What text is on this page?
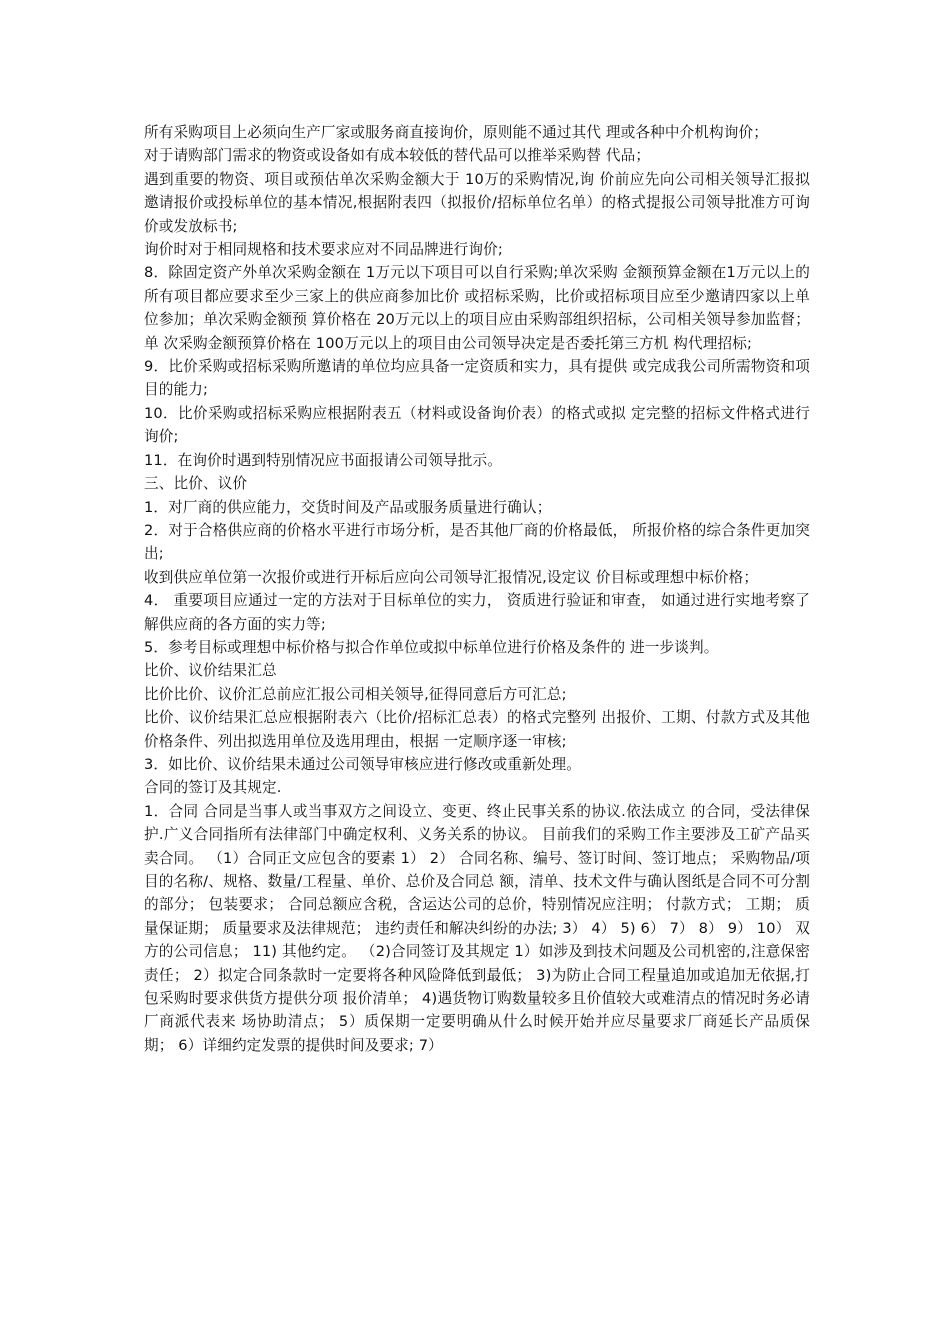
所有采购项目上必须向生产厂家或服务商直接询价，原则能不通过其代 理或各种中介机构询价；

对于请购部门需求的物资或设备如有成本较低的替代品可以推举采购替 代品；

遇到重要的物资、项目或预估单次采购金额大于 10万的采购情况,询 价前应先向公司相关领导汇报拟邀请报价或投标单位的基本情况,根据附表四（拟报价/招标单位名单）的格式提报公司领导批准方可询价或发放标书;

询价时对于相同规格和技术要求应对不同品牌进行询价;

8．除固定资产外单次采购金额在 1万元以下项目可以自行采购;单次采购 金额预算金额在1万元以上的所有项目都应要求至少三家上的供应商参加比价 或招标采购，比价或招标项目应至少邀请四家以上单位参加；单次采购金额预 算价格在 20万元以上的项目应由采购部组织招标，公司相关领导参加监督；单 次采购金额预算价格在 100万元以上的项目由公司领导决定是否委托第三方机 构代理招标;

9．比价采购或招标采购所邀请的单位均应具备一定资质和实力，具有提供 或完成我公司所需物资和项目的能力;

10．比价采购或招标采购应根据附表五（材料或设备询价表）的格式或拟 定完整的招标文件格式进行询价;

11．在询价时遇到特别情况应书面报请公司领导批示。

三、比价、议价

1．对厂商的供应能力，交货时间及产品或服务质量进行确认；

2．对于合格供应商的价格水平进行市场分析，是否其他厂商的价格最低， 所报价格的综合条件更加突出;

收到供应单位第一次报价或进行开标后应向公司领导汇报情况,设定议 价目标或理想中标价格；

4． 重要项目应通过一定的方法对于目标单位的实力， 资质进行验证和审查， 如通过进行实地考察了解供应商的各方面的实力等;

5．参考目标或理想中标价格与拟合作单位或拟中标单位进行价格及条件的 进一步谈判。

比价、议价结果汇总

比价比价、议价汇总前应汇报公司相关领导,征得同意后方可汇总;

比价、议价结果汇总应根据附表六（比价/招标汇总表）的格式完整列 出报价、工期、付款方式及其他价格条件、列出拟选用单位及选用理由，根据 一定顺序逐一审核;

3．如比价、议价结果未通过公司领导审核应进行修改或重新处理。

合同的签订及其规定.

1．合同 合同是当事人或当事双方之间设立、变更、终止民事关系的协议.依法成立 的合同，受法律保护.广义合同指所有法律部门中确定权利、义务关系的协议。 目前我们的采购工作主要涉及工矿产品买卖合同。 （1）合同正文应包含的要素 1） 2） 合同名称、编号、签订时间、签订地点； 采购物品/项目的名称/、规格、数量/工程量、单价、总价及合同总 额，清单、技术文件与确认图纸是合同不可分割的部分； 包装要求； 合同总额应含税，含运达公司的总价，特别情况应注明； 付款方式； 工期； 质量保证期； 质量要求及法律规范； 违约责任和解决纠纷的办法; 3） 4） 5) 6） 7） 8） 9） 10） 双方的公司信息； 11) 其他约定。 （2)合同签订及其规定 1）如涉及到技术问题及公司机密的,注意保密责任； 2）拟定合同条款时一定要将各种风险降低到最低； 3)为防止合同工程量追加或追加无依据,打包采购时要求供货方提供分项 报价清单； 4)遇货物订购数量较多且价值较大或难清点的情况时务必请厂商派代表来 场协助清点； 5）质保期一定要明确从什么时候开始并应尽量要求厂商延长产品质保期； 6）详细约定发票的提供时间及要求; 7）
